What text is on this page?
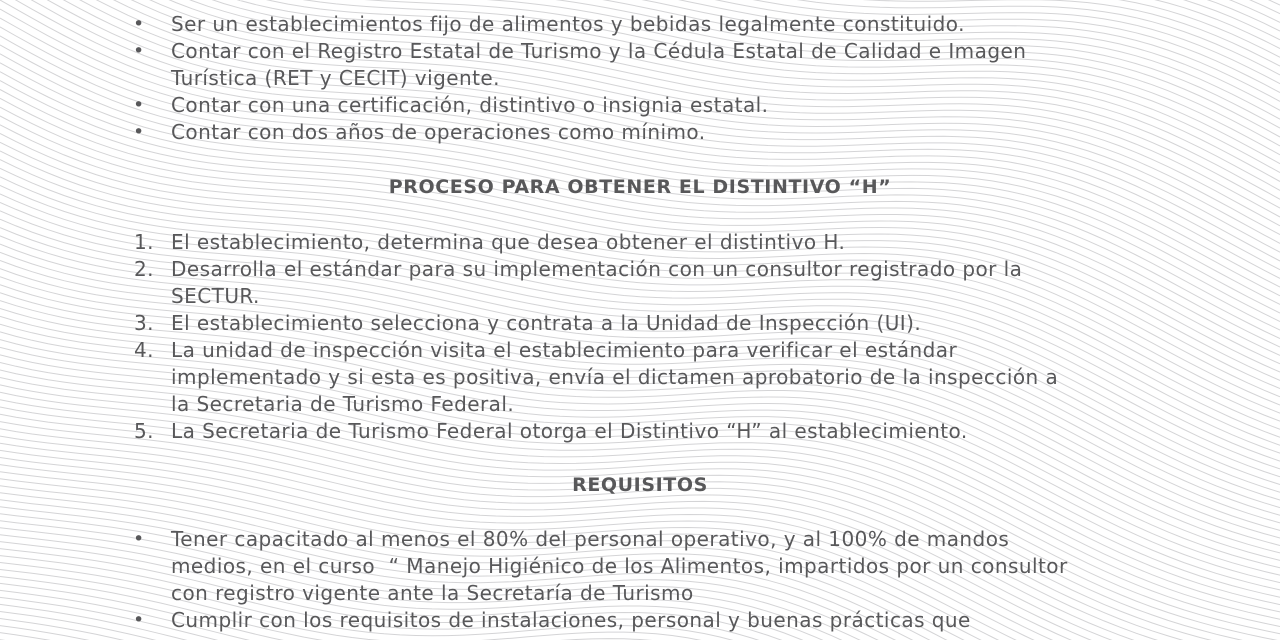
•	Ser un establecimientos fijo de alimentos y bebidas legalmente constituido.
•	Contar con el Registro Estatal de Turismo y la Cédula Estatal de Calidad e Imagen
Turística (RET y CECIT) vigente.
•	Contar con una certificación, distintivo o insignia estatal.
•	Contar con dos años de operaciones como mínimo.
PROCESO PARA OBTENER EL DISTINTIVO “H”
1. El establecimiento, determina que desea obtener el distintivo H.
2. Desarrolla el estándar para su implementación con un consultor registrado por la
SECTUR.
3. El establecimiento selecciona y contrata a la Unidad de Inspección (UI).
4. La unidad de inspección visita el establecimiento para verificar el estándar
implementado y si esta es positiva, envía el dictamen aprobatorio de la inspección a
la Secretaria de Turismo Federal.
5. La Secretaria de Turismo Federal otorga el Distintivo “H” al establecimiento.
REQUISITOS
•	Tener capacitado al menos el 80% del personal operativo, y al 100% de mandos
medios, en el curso  “ Manejo Higiénico de los Alimentos, impartidos por un consultor
con registro vigente ante la Secretaría de Turismo
•	Cumplir con los requisitos de instalaciones, personal y buenas prácticas que
